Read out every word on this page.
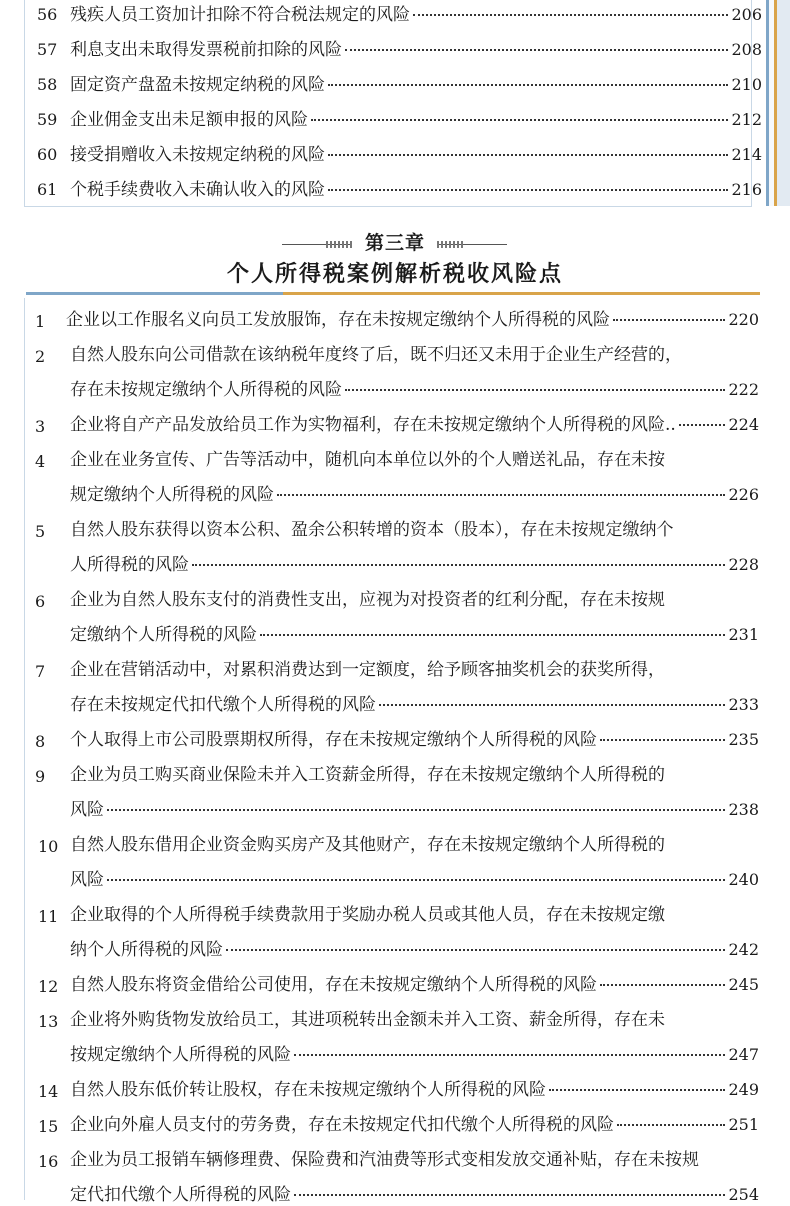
56 残疾人员工资加计扣除不符合税法规定的风险	206
57 利息支出未取得发票税前扣除的风险	208
58 固定资产盘盈未按规定纳税的风险	210
59 企业佣金支出未足额申报的风险	212
60 接受捐赠收入未按规定纳税的风险	214
61 个税手续费收入未确认收入的风险	216
第三章
个人所得税案例解析税收风险点
1	企业以工作服名义向员工发放服饰，存在未按规定缴纳个人所得税的风险	220
2	自然人股东向公司借款在该纳税年度终了后，既不归还又未用于企业生产经营的，
存在未按规定缴纳个人所得税的风险	222
3	企业将自产产品发放给员工作为实物福利，存在未按规定缴纳个人所得税的风险..	224
4	企业在业务宣传、广告等活动中，随机向本单位以外的个人赠送礼品，存在未按
规定缴纳个人所得税的风险	226
5	自然人股东获得以资本公积、盈余公积转增的资本（股本），存在未按规定缴纳个
人所得税的风险	228
6	企业为自然人股东支付的消费性支出，应视为对投资者的红利分配，存在未按规
定缴纳个人所得税的风险	231
7	企业在营销活动中，对累积消费达到一定额度，给予顾客抽奖机会的获奖所得，
存在未按规定代扣代缴个人所得税的风险	233
8	个人取得上市公司股票期权所得，存在未按规定缴纳个人所得税的风险	235
9	企业为员工购买商业保险未并入工资薪金所得，存在未按规定缴纳个人所得税的
风险	238
10 自然人股东借用企业资金购买房产及其他财产，存在未按规定缴纳个人所得税的
风险	240
11 企业取得的个人所得税手续费款用于奖励办税人员或其他人员，存在未按规定缴
纳个人所得税的风险	242
12 自然人股东将资金借给公司使用，存在未按规定缴纳个人所得税的风险	245
13 企业将外购货物发放给员工，其进项税转出金额未并入工资、薪金所得，存在未
按规定缴纳个人所得税的风险	247
14 自然人股东低价转让股权，存在未按规定缴纳个人所得税的风险	249
15 企业向外雇人员支付的劳务费，存在未按规定代扣代缴个人所得税的风险	251
16 企业为员工报销车辆修理费、保险费和汽油费等形式变相发放交通补贴，存在未按规
定代扣代缴个人所得税的风险	254
